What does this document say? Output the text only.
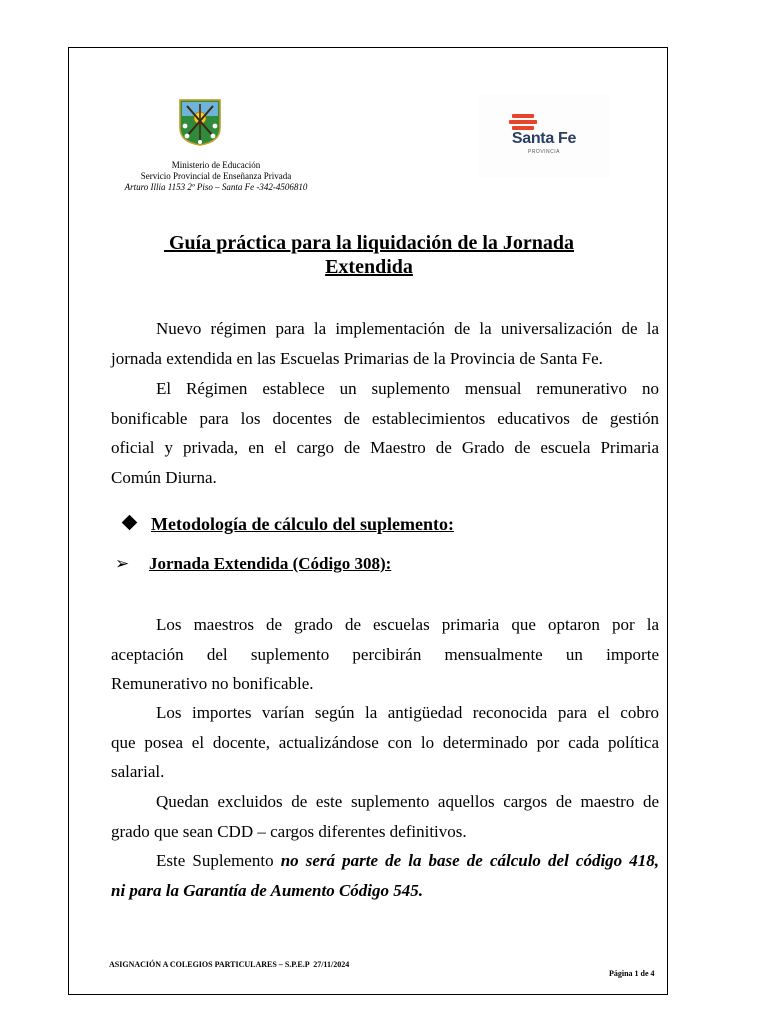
Santa Fe
PROVINCIA
Ministerio de Educación
Servicio Provincial de Enseñanza Privada
Arturo Illia 1153 2º Piso – Santa Fe -342-4506810
Guía práctica para la liquidación de la Jornada
Extendida
Nuevo régimen para la implementación de la universalización de la
jornada extendida en las Escuelas Primarias de la Provincia de Santa Fe.
El Régimen establece un suplemento mensual remunerativo no
bonificable para los docentes de establecimientos educativos de gestión
oficial y privada, en el cargo de Maestro de Grado de escuela Primaria
Común Diurna.
Metodología de cálculo del suplemento:
➢ Jornada Extendida (Código 308):
Los maestros de grado de escuelas primaria que optaron por la
aceptación del suplemento percibirán mensualmente un importe
Remunerativo no bonificable.
Los importes varían según la antigüedad reconocida para el cobro
que posea el docente, actualizándose con lo determinado por cada política
salarial.
Quedan excluidos de este suplemento aquellos cargos de maestro de
grado que sean CDD – cargos diferentes definitivos.
Este Suplemento no será parte de la base de cálculo del código 418,
ni para la Garantía de Aumento Código 545.
ASIGNACIÓN A COLEGIOS PARTICULARES – S.P.E.P  27/11/2024
Página 1 de 4
